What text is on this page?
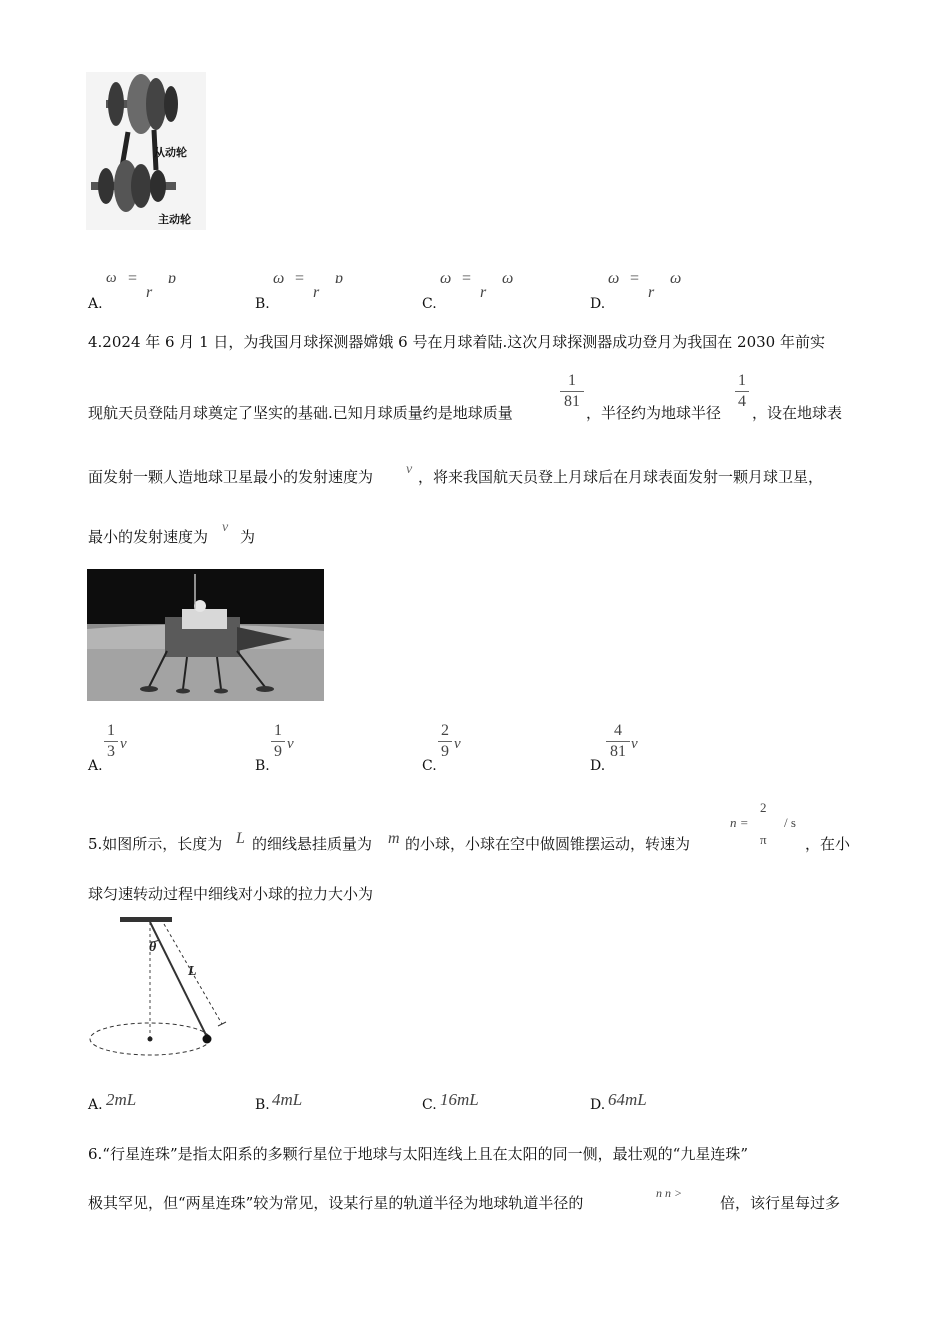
从动轮
主动轮
ω =
r
ɒ
A.
ω =
r
ɒ
B.
ω =
r
ω
C.
ω =
r
ω
D.
4.2024 年 6 月 1 日，为我国月球探测器嫦娥 6 号在月球着陆.这次月球探测器成功登月为我国在 2030 年前实
现航天员登陆月球奠定了坚实的基础.已知月球质量约是地球质量
1
81
，半径约为地球半径
1
4
，设在地球表
面发射一颗人造地球卫星最小的发射速度为 v ，将来我国航天员登上月球后在月球表面发射一颗月球卫星，
最小的发射速度为
v
为
1
3 v
A.
1
9 v
B.
2
9 v
C.
4
81 v
D.
5.如图所示，长度为 L 的细线悬挂质量为 m 的小球，小球在空中做圆锥摆运动，转速为
n =
2
π
/ s
，在小
球匀速转动过程中细线对小球的拉力大小为
θ
L
A. 2mL	B. 4mL	C. 16mL	D. 64mL
6.“行星连珠”是指太阳系的多颗行星位于地球与太阳连线上且在太阳的同一侧，最壮观的“九星连珠”
极其罕见，但“两星连珠”较为常见，设某行星的轨道半径为地球轨道半径的
n n >
倍，该行星每过多
